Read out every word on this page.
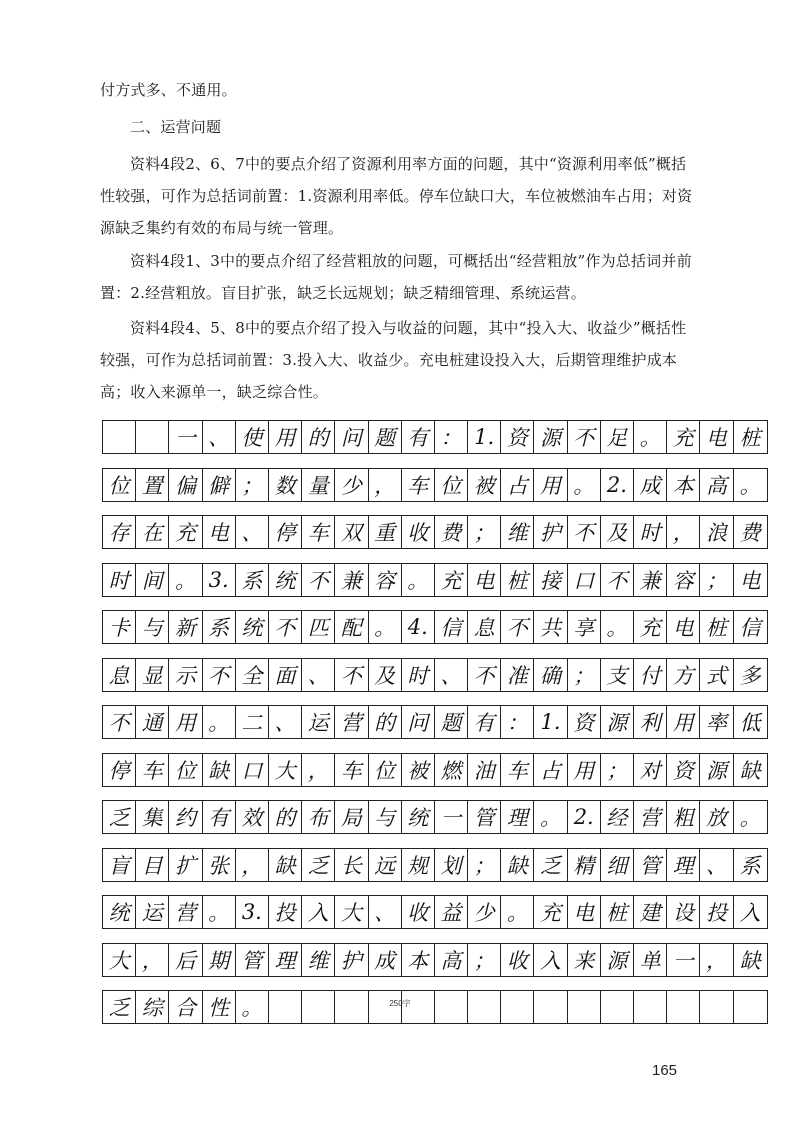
付方式多、不通用。

二、运营问题

资料4段2、6、7中的要点介绍了资源利用率方面的问题，其中“资源利用率低”概括性较强，可作为总括词前置：1.资源利用率低。停车位缺口大，车位被燃油车占用；对资源缺乏集约有效的布局与统一管理。

资料4段1、3中的要点介绍了经营粗放的问题，可概括出“经营粗放”作为总括词并前置：2.经营粗放。盲目扩张，缺乏长远规划；缺乏精细管理、系统运营。

资料4段4、5、8中的要点介绍了投入与收益的问题，其中“投入大、收益少”概括性较强，可作为总括词前置：3.投入大、收益少。充电桩建设投入大，后期管理维护成本高；收入来源单一，缺乏综合性。

一 、 使 用 的 问 题 有 ： 1. 资 源 不 足 。 充 电 桩
位 置 偏 僻 ； 数 量 少 ， 车 位 被 占 用 。 2. 成 本 高 。
存 在 充 电 、 停 车 双 重 收 费 ； 维 护 不 及 时 ， 浪 费
时 间 。 3. 系 统 不 兼 容 。 充 电 桩 接 口 不 兼 容 ； 电
卡 与 新 系 统 不 匹 配 。 4. 信 息 不 共 享 。 充 电 桩 信
息 显 示 不 全 面 、 不 及 时 、 不 准 确 ； 支 付 方 式 多
不 通 用 。 二 、 运 营 的 问 题 有 ： 1. 资 源 利 用 率 低
停 车 位 缺 口 大 ， 车 位 被 燃 油 车 占 用 ； 对 资 源 缺
乏 集 约 有 效 的 布 局 与 统 一 管 理 。 2. 经 营 粗 放 。
盲 目 扩 张 ， 缺 乏 长 远 规 划 ； 缺 乏 精 细 管 理 、 系
统 运 营 。 3. 投 入 大 、 收 益 少 。 充 电 桩 建 设 投 入
大 ， 后 期 管 理 维 护 成 本 高 ； 收 入 来 源 单 一 ， 缺
乏 综 合 性 。	250字
165
